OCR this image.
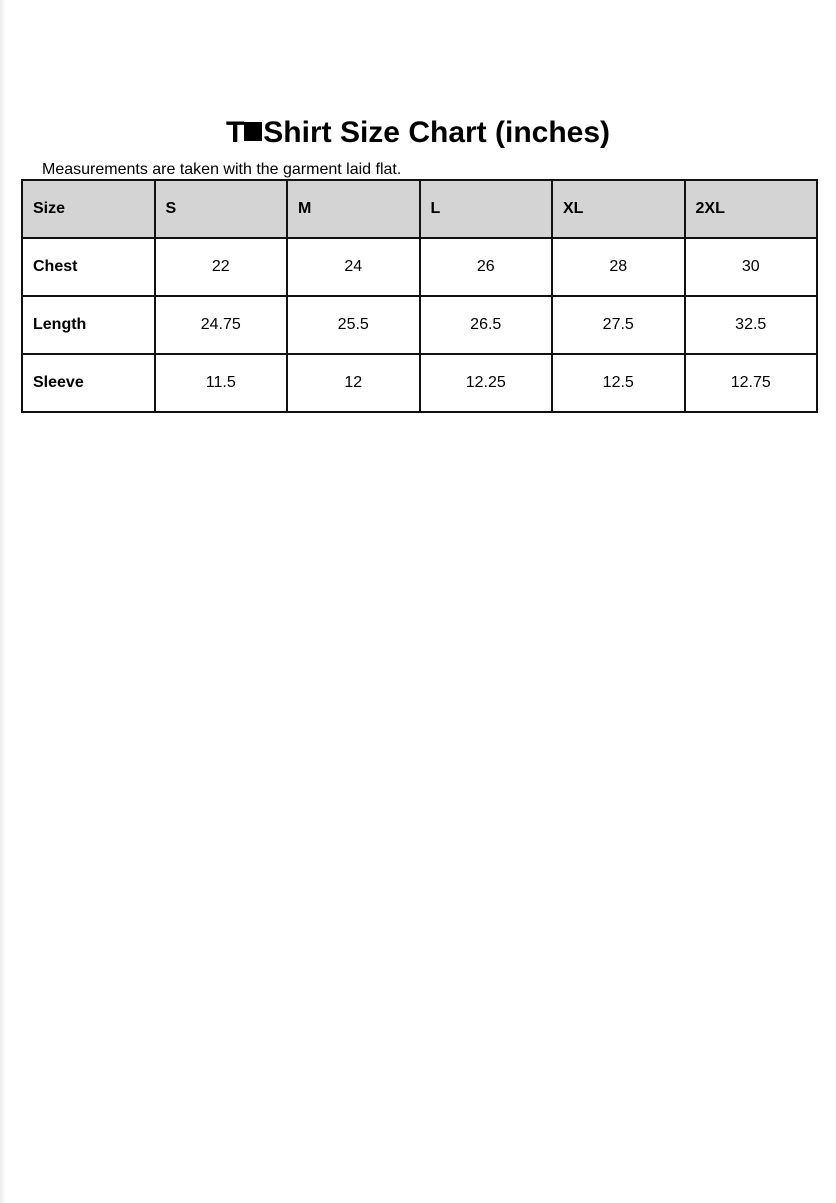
T Shirt Size Chart (inches)
Measurements are taken with the garment laid flat.
Size	S	M	L	XL	2XL
Chest	22	24	26	28	30
Length	24.75	25.5	26.5	27.5	32.5
Sleeve	11.5	12	12.25	12.5	12.75
